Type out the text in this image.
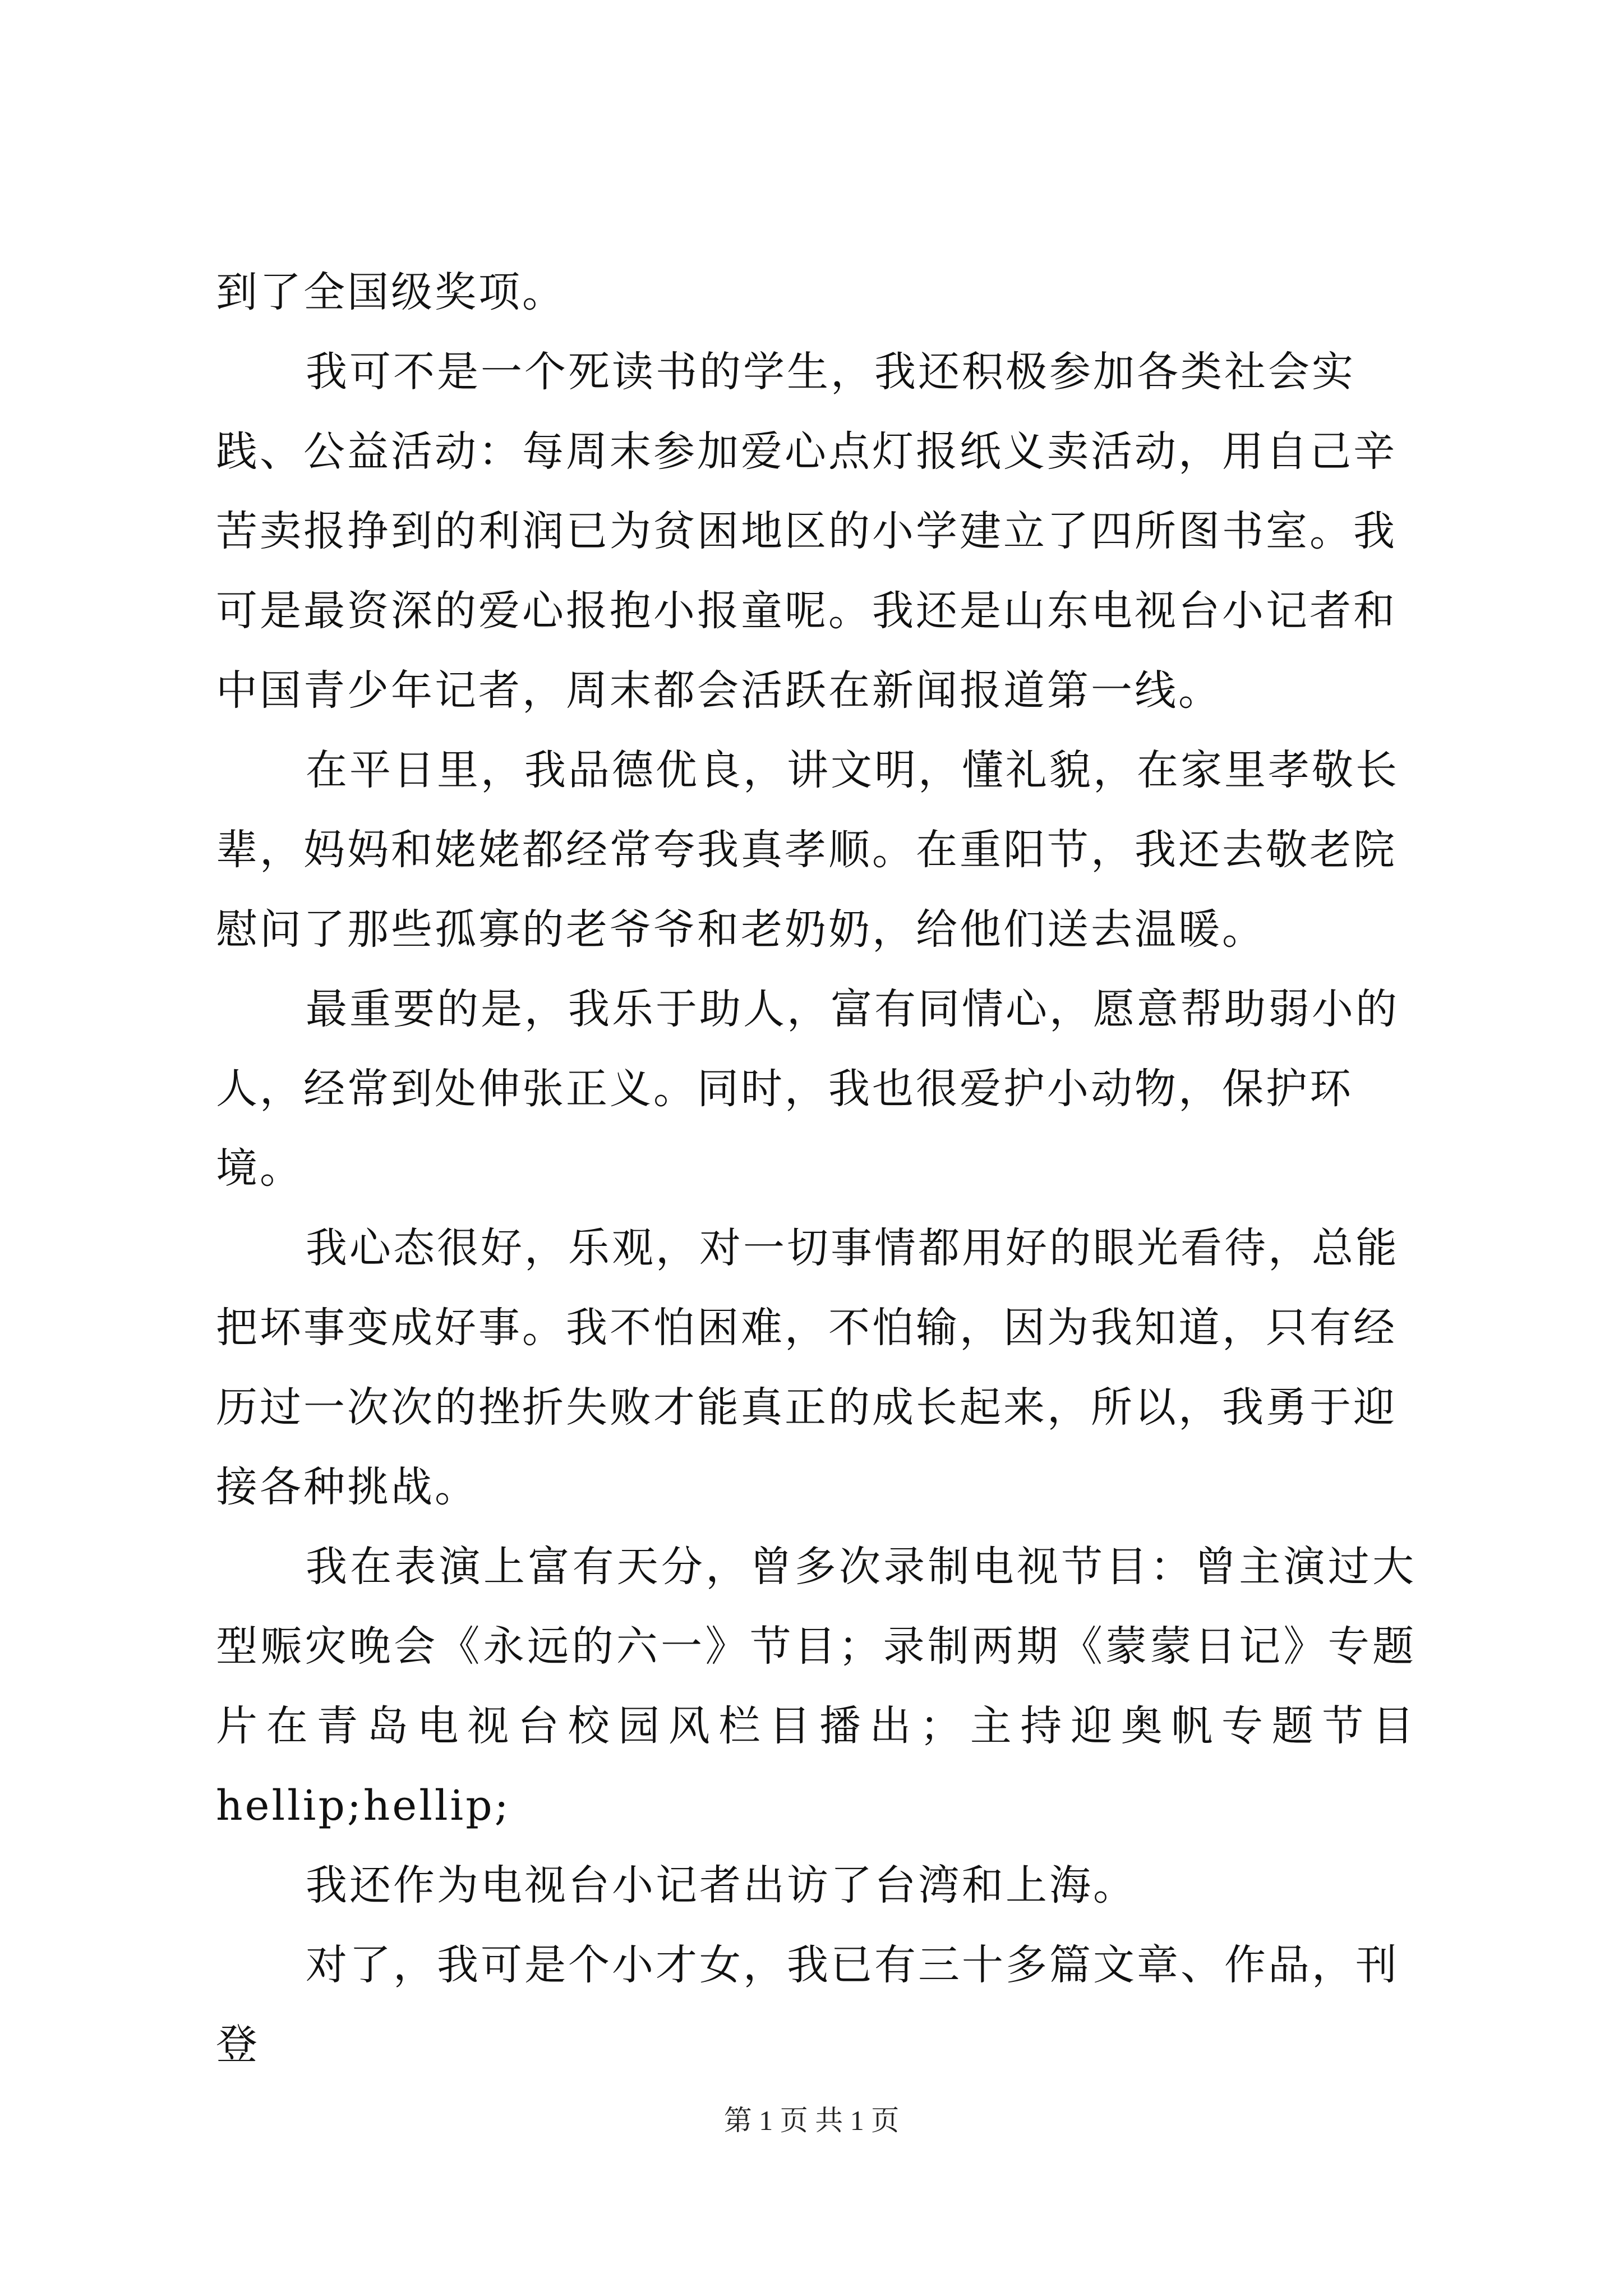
到了全国级奖项。

我可不是一个死读书的学生，我还积极参加各类社会实践、公益活动：每周末参加爱心点灯报纸义卖活动，用自己辛苦卖报挣到的利润已为贫困地区的小学建立了四所图书室。我可是最资深的爱心报抱小报童呢。我还是山东电视台小记者和中国青少年记者，周末都会活跃在新闻报道第一线。

在平日里，我品德优良，讲文明，懂礼貌，在家里孝敬长辈，妈妈和姥姥都经常夸我真孝顺。在重阳节，我还去敬老院慰问了那些孤寡的老爷爷和老奶奶，给他们送去温暖。

最重要的是，我乐于助人，富有同情心，愿意帮助弱小的人，经常到处伸张正义。同时，我也很爱护小动物，保护环境。

我心态很好，乐观，对一切事情都用好的眼光看待，总能把坏事变成好事。我不怕困难，不怕输，因为我知道，只有经历过一次次的挫折失败才能真正的成长起来，所以，我勇于迎接各种挑战。

我在表演上富有天分，曾多次录制电视节目：曾主演过大型赈灾晚会《永远的六一》节目；录制两期《蒙蒙日记》专题片在青岛电视台校园风栏目播出；主持迎奥帆专题节目

hellip;hellip;

我还作为电视台小记者出访了台湾和上海。

对了，我可是个小才女，我已有三十多篇文章、作品，刊登

第 1 页 共 1 页
